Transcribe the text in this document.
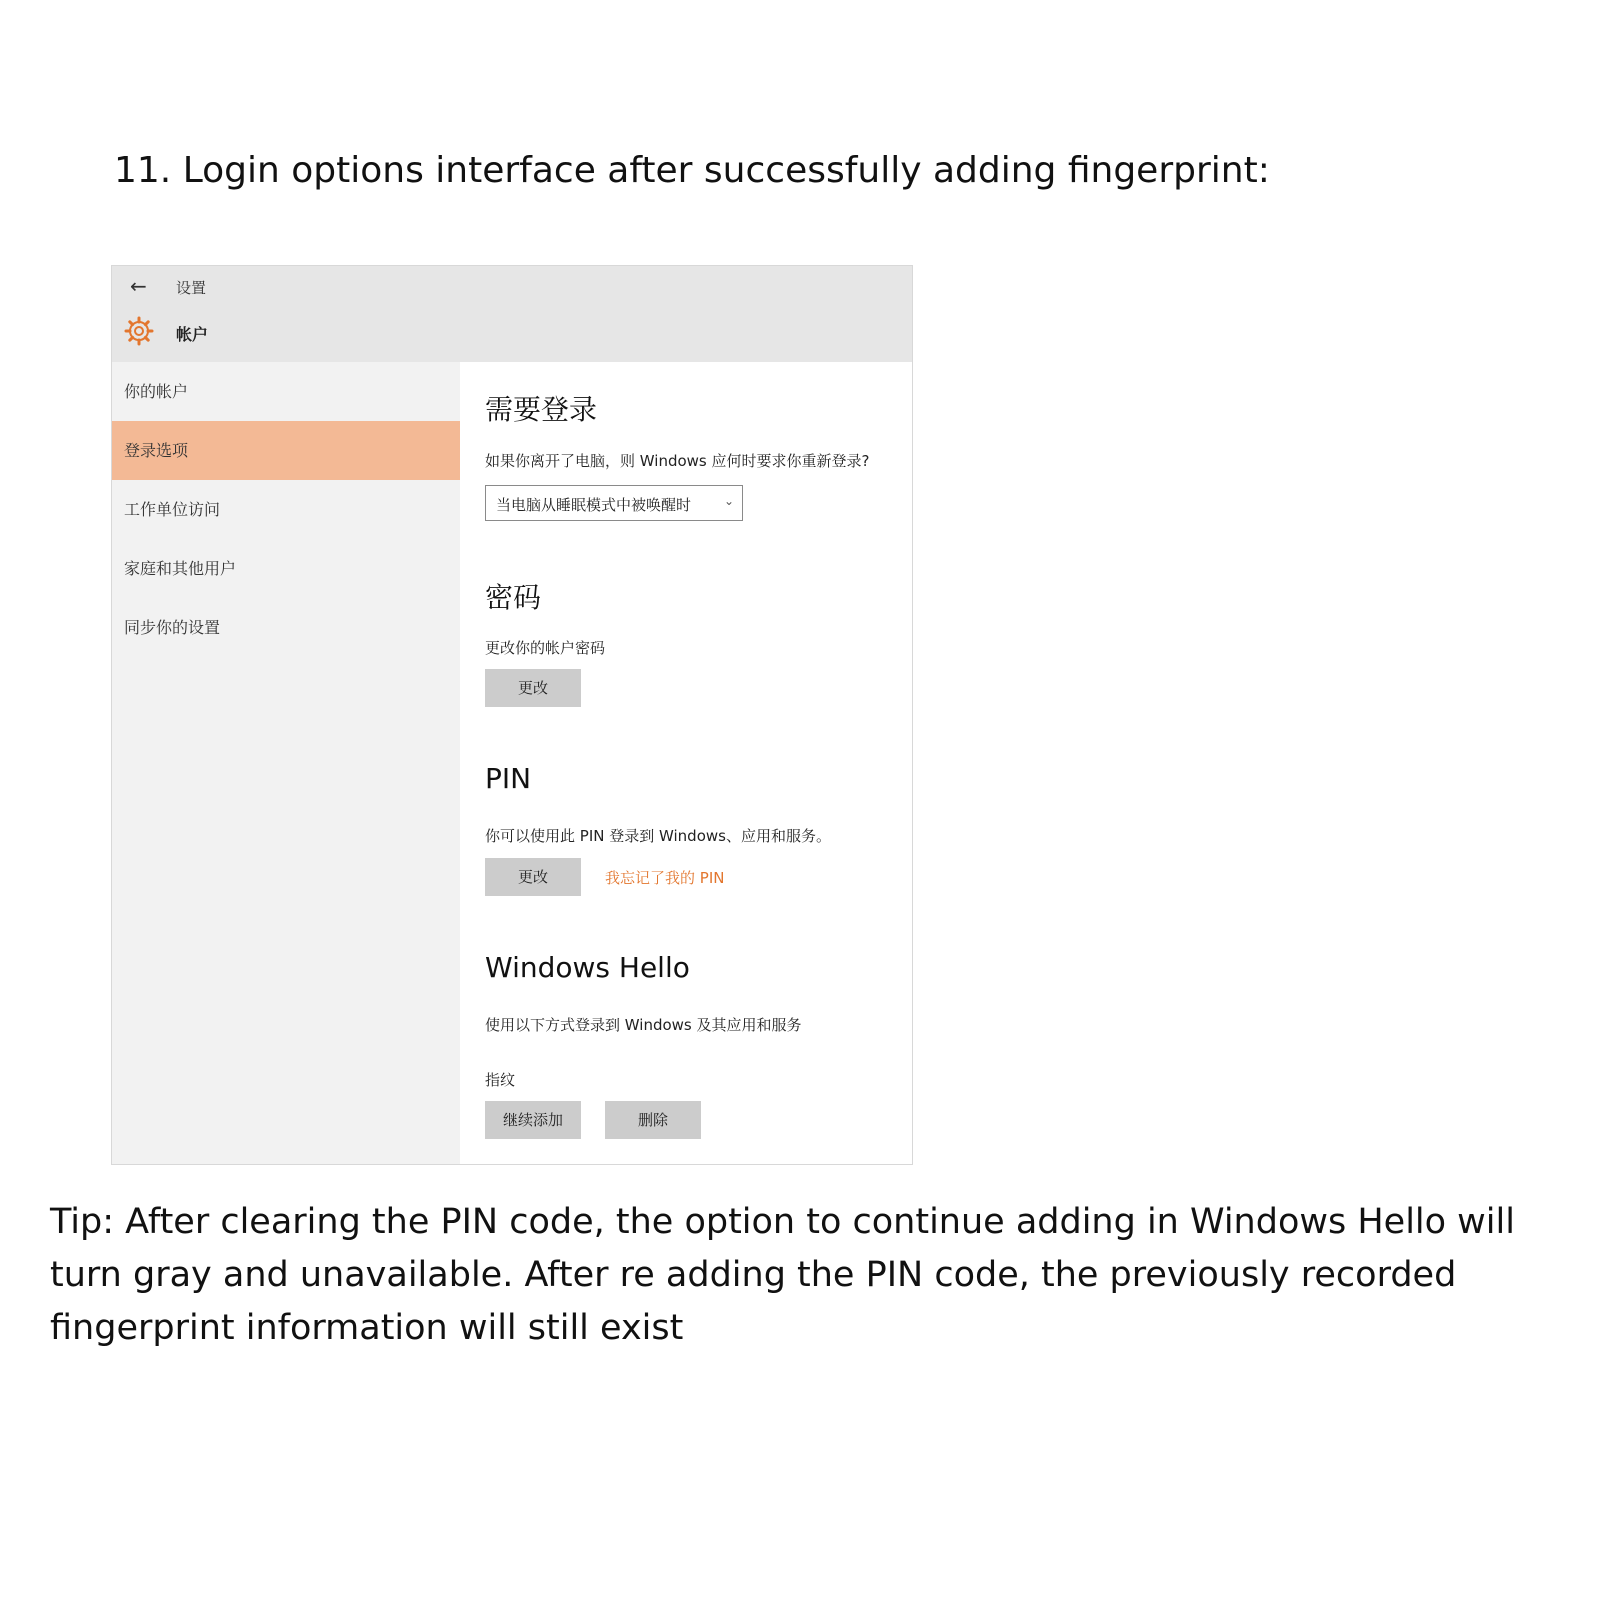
11. Login options interface after successfully adding fingerprint:
← 设置
帐户
你的帐户
登录选项
工作单位访问
家庭和其他用户
同步你的设置
需要登录
如果你离开了电脑，则 Windows 应何时要求你重新登录?
当电脑从睡眠模式中被唤醒时	⌄
密码
更改你的帐户密码
更改
PIN
你可以使用此 PIN 登录到 Windows、应用和服务。
更改	我忘记了我的 PIN
Windows Hello
使用以下方式登录到 Windows 及其应用和服务
指纹
继续添加	删除
Tip: After clearing the PIN code, the option to continue adding in Windows Hello will turn gray and unavailable. After re adding the PIN code, the previously recorded fingerprint information will still exist
